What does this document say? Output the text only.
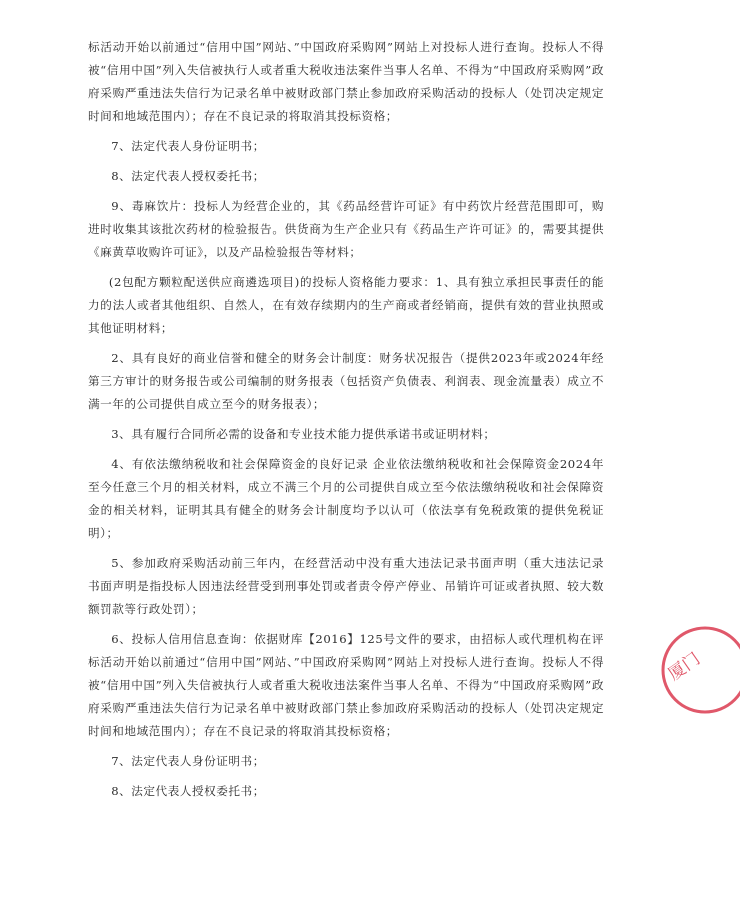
标活动开始以前通过“信用中国”网站、”中国政府采购网”网站上对投标人进行查询。投标人不得被“信用中国”列入失信被执行人或者重大税收违法案件当事人名单、不得为“中国政府采购网”政府采购严重违法失信行为记录名单中被财政部门禁止参加政府采购活动的投标人（处罚决定规定时间和地域范围内）；存在不良记录的将取消其投标资格；

7、法定代表人身份证明书；

8、法定代表人授权委托书；

9、毒麻饮片：投标人为经营企业的，其《药品经营许可证》有中药饮片经营范围即可，购进时收集其该批次药材的检验报告。供货商为生产企业只有《药品生产许可证》的，需要其提供《麻黄草收购许可证》，以及产品检验报告等材料；

(2包配方颗粒配送供应商遴选项目)的投标人资格能力要求：1、具有独立承担民事责任的能力的法人或者其他组织、自然人，在有效存续期内的生产商或者经销商，提供有效的营业执照或其他证明材料；

2、具有良好的商业信誉和健全的财务会计制度：财务状况报告（提供2023年或2024年经第三方审计的财务报告或公司编制的财务报表（包括资产负债表、利润表、现金流量表）成立不满一年的公司提供自成立至今的财务报表）；

3、具有履行合同所必需的设备和专业技术能力提供承诺书或证明材料；

4、有依法缴纳税收和社会保障资金的良好记录 企业依法缴纳税收和社会保障资金2024年至今任意三个月的相关材料，成立不满三个月的公司提供自成立至今依法缴纳税收和社会保障资金的相关材料，证明其具有健全的财务会计制度均予以认可（依法享有免税政策的提供免税证明）；

5、参加政府采购活动前三年内，在经营活动中没有重大违法记录书面声明（重大违法记录书面声明是指投标人因违法经营受到刑事处罚或者责令停产停业、吊销许可证或者执照、较大数额罚款等行政处罚）；

6、投标人信用信息查询：依据财库【2016】125号文件的要求，由招标人或代理机构在评标活动开始以前通过“信用中国”网站、”中国政府采购网”网站上对投标人进行查询。投标人不得被“信用中国”列入失信被执行人或者重大税收违法案件当事人名单、不得为“中国政府采购网”政府采购严重违法失信行为记录名单中被财政部门禁止参加政府采购活动的投标人（处罚决定规定时间和地域范围内）；存在不良记录的将取消其投标资格；

7、法定代表人身份证明书；

8、法定代表人授权委托书；

厦门
